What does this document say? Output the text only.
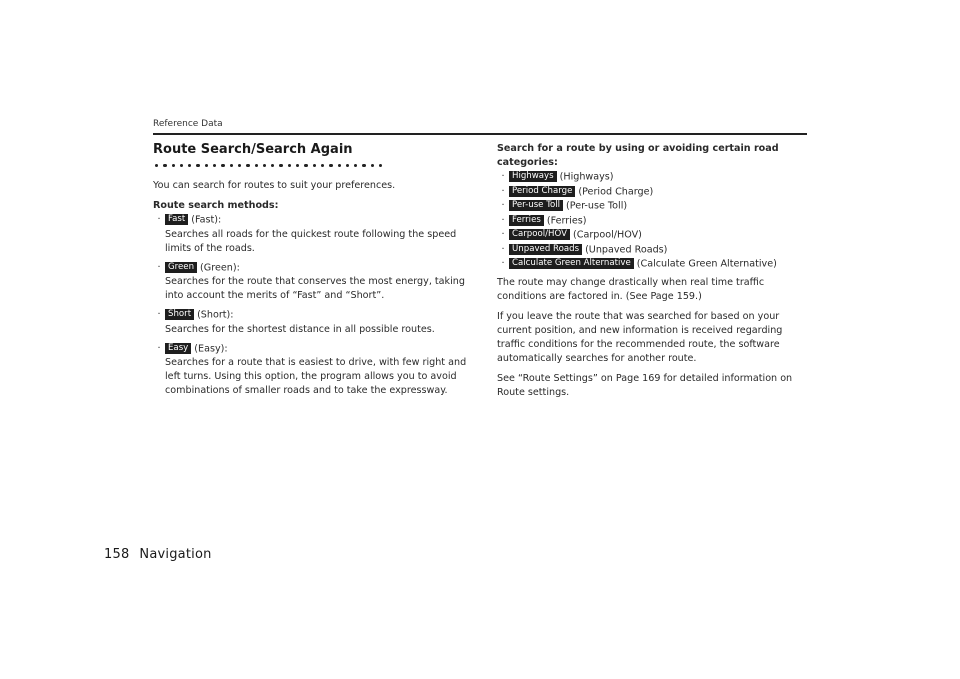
Reference Data
Route Search/Search Again

You can search for routes to suit your preferences.

Route search methods:
· Fast (Fast):
Searches all roads for the quickest route following the speed limits of the roads.
· Green (Green):
Searches for the route that conserves the most energy, taking into account the merits of “Fast” and “Short”.
· Short (Short):
Searches for the shortest distance in all possible routes.
· Easy (Easy):
Searches for a route that is easiest to drive, with few right and left turns. Using this option, the program allows you to avoid combinations of smaller roads and to take the expressway.
Search for a route by using or avoiding certain road categories:
· Highways (Highways)
· Period Charge (Period Charge)
· Per-use Toll (Per-use Toll)
· Ferries (Ferries)
· Carpool/HOV (Carpool/HOV)
· Unpaved Roads (Unpaved Roads)
· Calculate Green Alternative (Calculate Green Alternative)

The route may change drastically when real time traffic conditions are factored in. (See Page 159.)

If you leave the route that was searched for based on your current position, and new information is received regarding traffic conditions for the recommended route, the software automatically searches for another route.

See “Route Settings” on Page 169 for detailed information on Route settings.

158 Navigation
